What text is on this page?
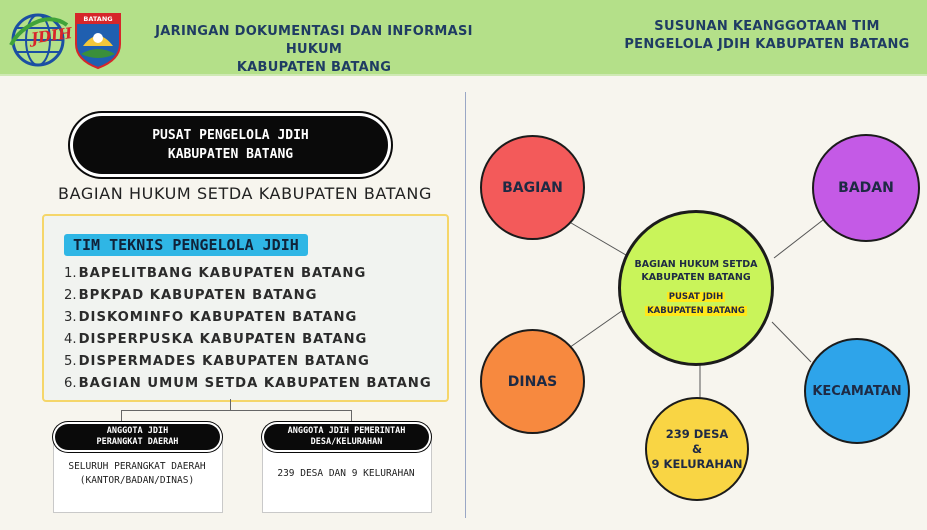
JDIH
BATANG
JARINGAN DOKUMENTASI DAN INFORMASI HUKUM
KABUPATEN BATANG
SUSUNAN KEANGGOTAAN TIM
PENGELOLA JDIH KABUPATEN BATANG
PUSAT PENGELOLA JDIH
KABUPATEN BATANG
BAGIAN HUKUM SETDA KABUPATEN BATANG
TIM TEKNIS PENGELOLA JDIH
1. BAPELITBANG KABUPATEN BATANG
2. BPKPAD KABUPATEN BATANG
3. DISKOMINFO KABUPATEN BATANG
4. DISPERPUSKA KABUPATEN BATANG
5. DISPERMADES KABUPATEN BATANG
6. BAGIAN UMUM SETDA KABUPATEN BATANG
ANGGOTA JDIH
PERANGKAT DAERAH
SELURUH PERANGKAT DAERAH
(KANTOR/BADAN/DINAS)
ANGGOTA JDIH PEMERINTAH
DESA/KELURAHAN
239 DESA DAN 9 KELURAHAN
BAGIAN	BADAN
DINAS
KECAMATAN
239 DESA
&
9 KELURAHAN
BAGIAN HUKUM SETDA
KABUPATEN BATANG
PUSAT JDIH
KABUPATEN BATANG
